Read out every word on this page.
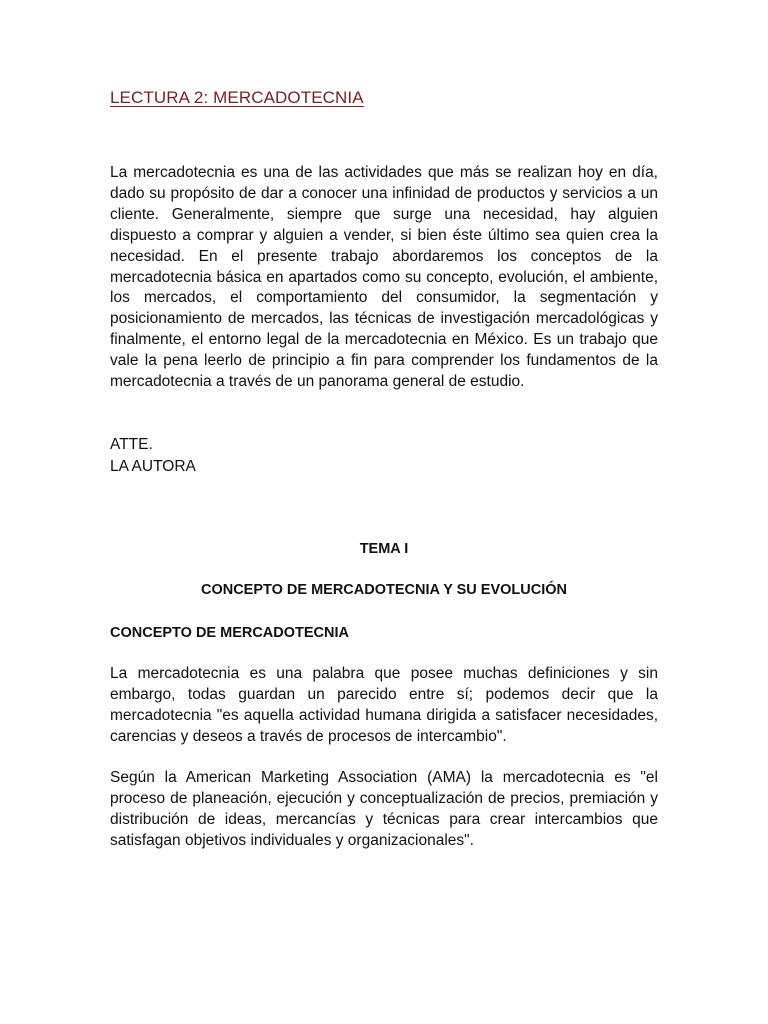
LECTURA 2: MERCADOTECNIA

La mercadotecnia es una de las actividades que más se realizan hoy en día, dado su propósito de dar a conocer una infinidad de productos y servicios a un cliente. Generalmente, siempre que surge una necesidad, hay alguien dispuesto a comprar y alguien a vender, si bien éste último sea quien crea la necesidad. En el presente trabajo abordaremos los conceptos de la mercadotecnia básica en apartados como su concepto, evolución, el ambiente, los mercados, el comportamiento del consumidor, la segmentación y posicionamiento de mercados, las técnicas de investigación mercadológicas y finalmente, el entorno legal de la mercadotecnia en México. Es un trabajo que vale la pena leerlo de principio a fin para comprender los fundamentos de la mercadotecnia a través de un panorama general de estudio.

ATTE.

LA AUTORA

TEMA I

CONCEPTO DE MERCADOTECNIA Y SU EVOLUCIÓN

CONCEPTO DE MERCADOTECNIA

La mercadotecnia es una palabra que posee muchas definiciones y sin embargo, todas guardan un parecido entre sí; podemos decir que la mercadotecnia "es aquella actividad humana dirigida a satisfacer necesidades, carencias y deseos a través de procesos de intercambio".

Según la American Marketing Association (AMA) la mercadotecnia es "el proceso de planeación, ejecución y conceptualización de precios, premiación y distribución de ideas, mercancías y técnicas para crear intercambios que satisfagan objetivos individuales y organizacionales".
